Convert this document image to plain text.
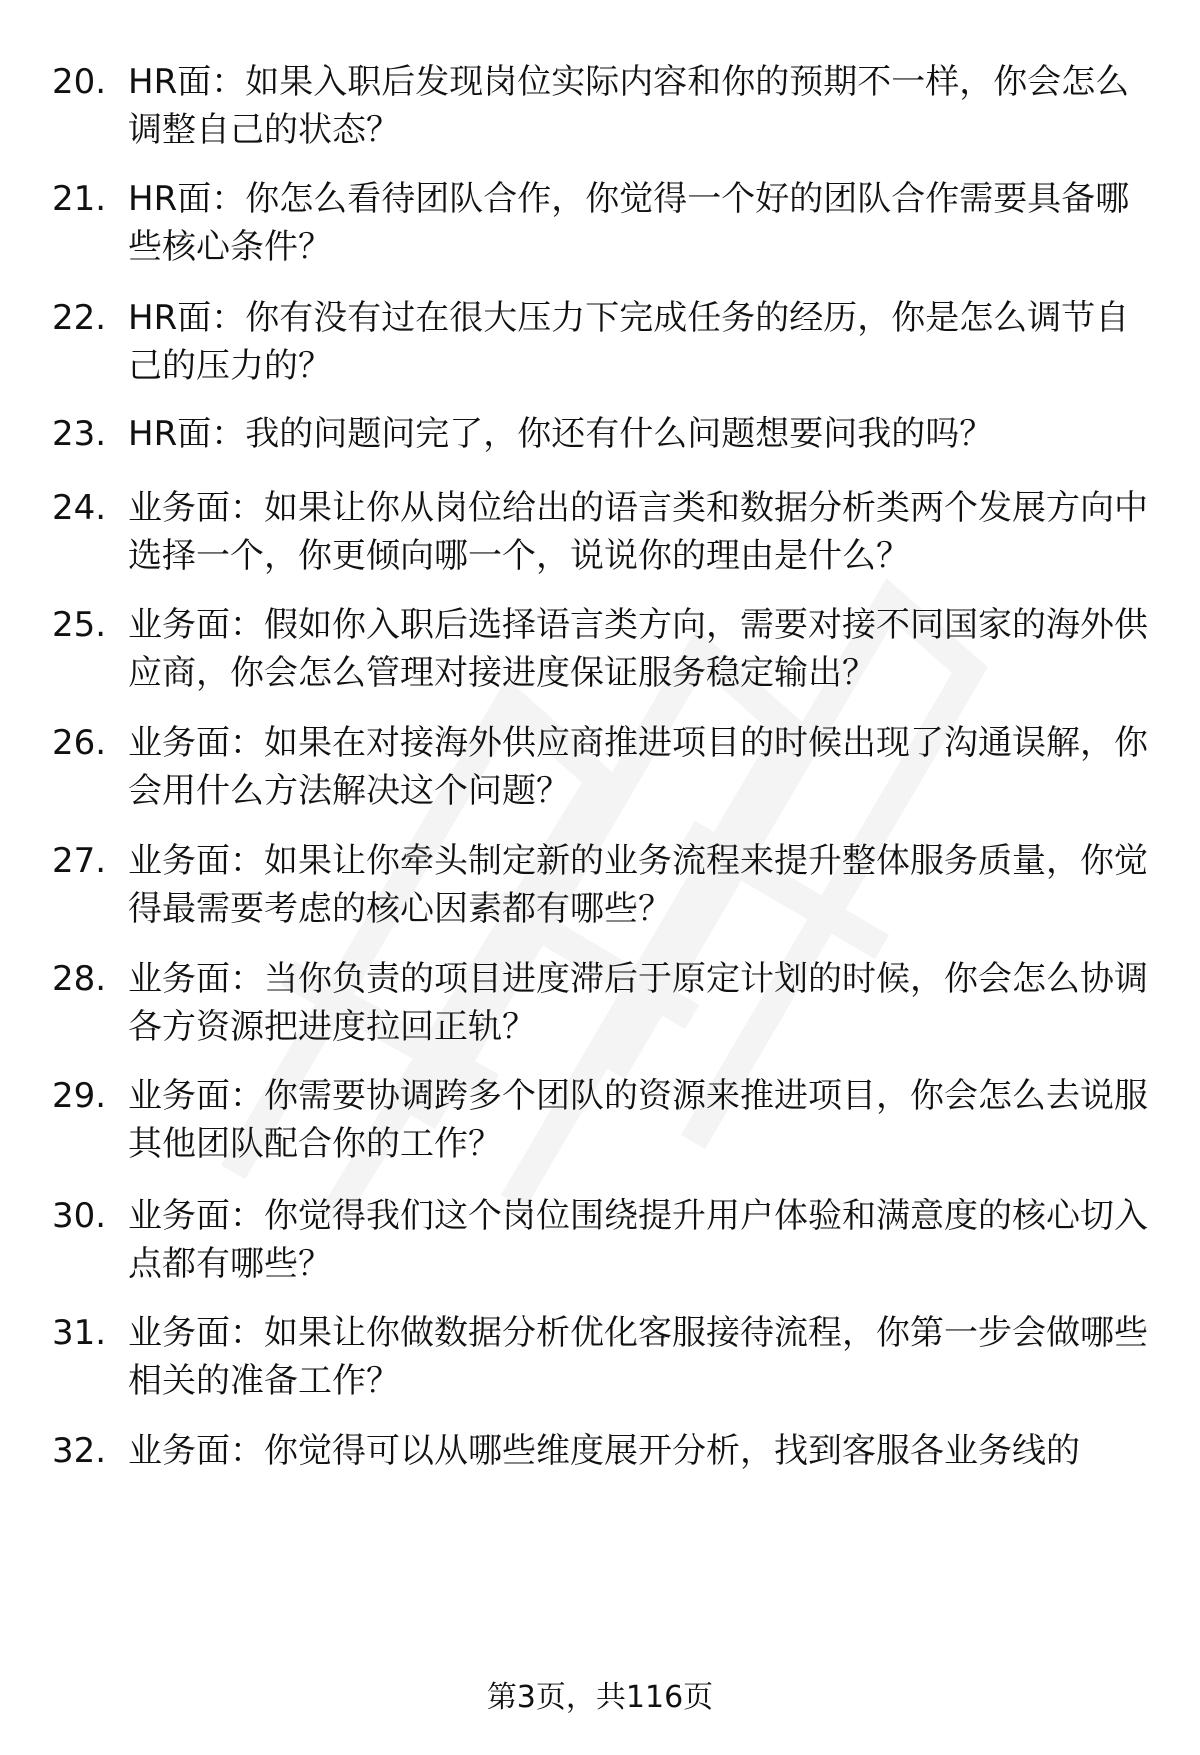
20. HR面：如果入职后发现岗位实际内容和你的预期不一样，你会怎么调整自己的状态？
21. HR面：你怎么看待团队合作，你觉得一个好的团队合作需要具备哪些核心条件？
22. HR面：你有没有过在很大压力下完成任务的经历，你是怎么调节自己的压力的？
23. HR面：我的问题问完了，你还有什么问题想要问我的吗？
24. 业务面：如果让你从岗位给出的语言类和数据分析类两个发展方向中选择一个，你更倾向哪一个，说说你的理由是什么？
25. 业务面：假如你入职后选择语言类方向，需要对接不同国家的海外供应商，你会怎么管理对接进度保证服务稳定输出？
26. 业务面：如果在对接海外供应商推进项目的时候出现了沟通误解，你会用什么方法解决这个问题？
27. 业务面：如果让你牵头制定新的业务流程来提升整体服务质量，你觉得最需要考虑的核心因素都有哪些？
28. 业务面：当你负责的项目进度滞后于原定计划的时候，你会怎么协调各方资源把进度拉回正轨？
29. 业务面：你需要协调跨多个团队的资源来推进项目，你会怎么去说服其他团队配合你的工作？
30. 业务面：你觉得我们这个岗位围绕提升用户体验和满意度的核心切入点都有哪些？
31. 业务面：如果让你做数据分析优化客服接待流程，你第一步会做哪些相关的准备工作？
32. 业务面：你觉得可以从哪些维度展开分析，找到客服各业务线的
第3页，共116页
